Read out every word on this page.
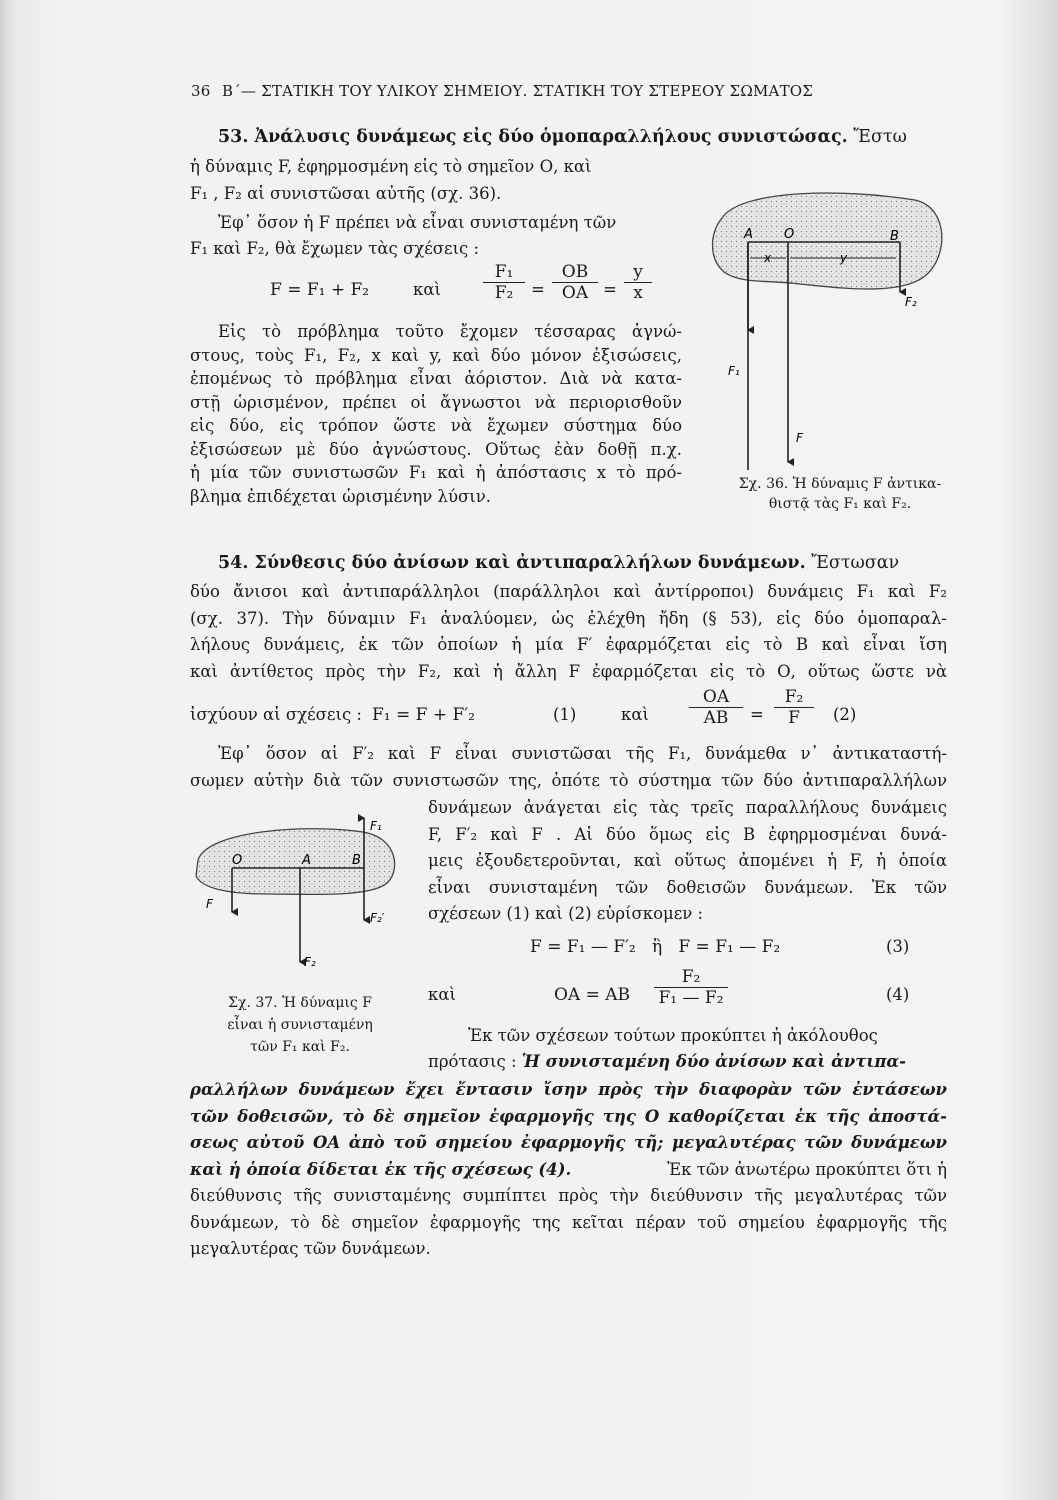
36 Β΄— ΣΤΑΤΙΚΗ ΤΟΥ ΥΛΙΚΟΥ ΣΗΜΕΙΟΥ. ΣΤΑΤΙΚΗ ΤΟΥ ΣΤΕΡΕΟΥ ΣΩΜΑΤΟΣ
53. Ἀνάλυσις δυνάμεως εἰς δύο ὁμοπαραλλήλους συνιστώσας. Ἔστω
ἡ δύναμις F, ἐφηρμοσμένη εἰς τὸ σημεῖον Ο, καὶ
F₁ , F₂ αἱ συνιστῶσαι αὐτῆς (σχ. 36).
Ἐφ᾿ ὅσον ἡ F πρέπει νὰ εἶναι συνισταμένη τῶν
F₁ καὶ F₂, θὰ ἔχωμεν τὰς σχέσεις :
F = F₁ + F₂	καὶ $\frac{\text{F₁}}{\text{F₂}} = \frac{OB}{OA} = \frac{y}{x}$
Εἰς τὸ πρόβλημα τοῦτο ἔχομεν τέσσαρας ἀγνώ-
στους, τοὺς F₁, F₂, x καὶ y, καὶ δύο μόνον ἐξισώσεις,
ἑπομένως τὸ πρόβλημα εἶναι ἀόριστον. Διὰ νὰ κατα-
στῇ ὡρισμένον, πρέπει οἱ ἄγνωστοι νὰ περιορισθοῦν
εἰς δύο, εἰς τρόπον ὥστε νὰ ἔχωμεν σύστημα δύο
ἐξισώσεων μὲ δύο ἀγνώστους. Οὕτως ἐὰν δοθῇ π.χ.
ἡ μία τῶν συνιστωσῶν F₁ καὶ ἡ ἀπόστασις x τὸ πρό-
βλημα ἐπιδέχεται ὡρισμένην λύσιν.
A O	B
x	y
F₂
F₁
F
Σχ. 36. Ἡ δύναμις F ἀντικα-
θιστᾷ τὰς F₁ καὶ F₂.
54. Σύνθεσις δύο ἀνίσων καὶ ἀντιπαραλλήλων δυνάμεων. Ἔστωσαν
δύο ἄνισοι καὶ ἀντιπαράλληλοι (παράλληλοι καὶ ἀντίρροποι) δυνάμεις F₁ καὶ F₂
(σχ. 37). Τὴν δύναμιν F₁ ἀναλύομεν, ὡς ἐλέχθη ἤδη (§ 53), εἰς δύο ὁμοπαραλ-
λήλους δυνάμεις, ἐκ τῶν ὁποίων ἡ μία F′ ἐφαρμόζεται εἰς τὸ Β καὶ εἶναι ἴση
καὶ ἀντίθετος πρὸς τὴν F₂, καὶ ἡ ἄλλη F ἐφαρμόζεται εἰς τὸ Ο, οὕτως ὥστε νὰ
ἰσχύουν αἱ σχέσεις : F₁ = F + F′₂	(1)	καὶ $\frac{OA}{AB} = \frac{\text{F₂}}{F} (2)$
Ἐφ᾿ ὅσον αἱ F′₂ καὶ F εἶναι συνιστῶσαι τῆς F₁, δυνάμεθα ν᾿ ἀντικαταστή-
σωμεν αὐτὴν διὰ τῶν συνιστωσῶν της, ὁπότε τὸ σύστημα τῶν δύο ἀντιπαραλλήλων
δυνάμεων ἀνάγεται εἰς τὰς τρεῖς παραλλήλους δυνάμεις
F, F′₂ καὶ F . Αἱ δύο ὅμως εἰς Β ἐφηρμοσμέναι δυνά-
μεις ἐξουδετεροῦνται, καὶ οὕτως ἀπομένει ἡ F, ἡ ὁποία
εἶναι συνισταμένη τῶν δοθεισῶν δυνάμεων. Ἐκ τῶν
σχέσεων (1) καὶ (2) εὑρίσκομεν :
F = F₁ — F′₂   ἢ   F = F₁ — F₂	(3)
καὶ	OA = AB $\frac{\text{F₂}}{\text{F₁ — F₂}}$	(4)
Ἐκ τῶν σχέσεων τούτων προκύπτει ἡ ἀκόλουθος
πρότασις : Ἡ συνισταμένη δύο ἀνίσων καὶ ἀντιπα-
ραλλήλων δυνάμεων ἔχει ἔντασιν ἴσην πρὸς τὴν διαφορὰν τῶν ἐντάσεων
τῶν δοθεισῶν, τὸ δὲ σημεῖον ἐφαρμογῆς της O καθορίζεται ἐκ τῆς ἀποστά-
σεως αὐτοῦ OA ἀπὸ τοῦ σημείου ἐφαρμογῆς τῆ; μεγαλυτέρας τῶν δυνάμεων
καὶ ἡ ὁποία δίδεται ἐκ τῆς σχέσεως (4).	Ἐκ τῶν ἀνωτέρω προκύπτει ὅτι ἡ
διεύθυνσις τῆς συνισταμένης συμπίπτει πρὸς τὴν διεύθυνσιν τῆς μεγαλυτέρας τῶν
δυνάμεων, τὸ δὲ σημεῖον ἐφαρμογῆς της κεῖται πέραν τοῦ σημείου ἐφαρμογῆς τῆς
μεγαλυτέρας τῶν δυνάμεων.
O	A	B
F₁
F
F₂′
F₂
Σχ. 37. Ἡ δύναμις F
εἶναι ἡ συνισταμένη
τῶν F₁ καὶ F₂.
